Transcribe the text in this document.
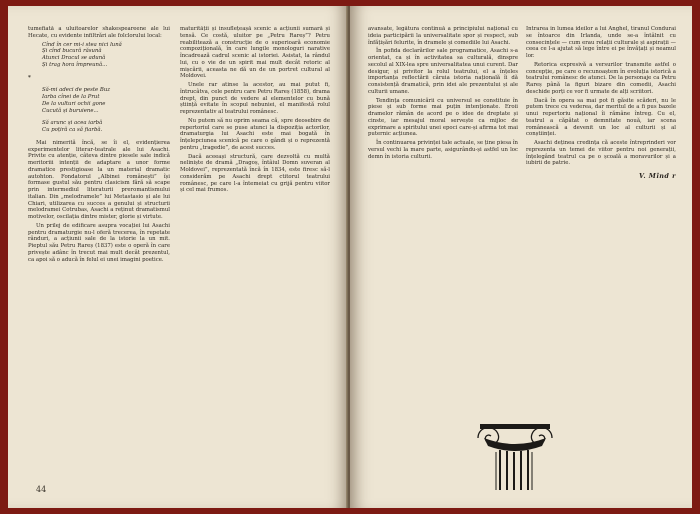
tumefiată a uluitoarelor shakespeareene ale lui Hecate, cu evidente infiltrări ale folclorului local:

Cînd în cer mi-i stea nici lună
Și cînd bucură răsună
Atunci Dracul se adună
Și trag hora împreună...
*
Să-mi adeci de peste Buz
Iarba cînei de la Prut
De la vulturi ochii gone
Cucută și buruiene...
Să arunc și acea iarbă
Cu poțiră ca să fiarbă.

Mai nimerită încă, se îi el, evidențierea experimentelor literar-teatrale ale lui Asachi. Privite cu atenție, câteva dintre piesele sale indică meritoriii intenții de adaptare a unor forme dramatice prestigioase la un material dramatic autohton. Fondatorul „Albinei românești” își formase gustul său pentru clasicism fără să scape prin intermediul literaturii preromantismului italian. Din „melodramele” lui Metastasio și ale lui Chiari, utilizarea cu succes a genului și structurii melodramei Cotrubas, Asachi a reținut dramatismul motivelor, oscilația dintre mister, glorie și virtute.

Un prilej de edificare asupra vocației lui Asachi pentru dramaturgie nu-l oferă trecerea, în repetate rânduri, a acțiunii sale de la istorie la un mit. Pieptul său Petru Rareș (1837) este o operă în care privește adânc în trecut mai mult decât prezentul, ca apoi să o aducă în felul ei unei imagini poetice.

maturității și insuflețeașă scenic a acțiunii sumară și tensă. Ce costă, uluitor pe „Petru Rareș”? Petru reabilitează a construcție de o superioară economie compozițională, în care lungile monologuri narative încadrează cadrul scenic al istoriei. Asistat, la rândul lui, cu o vie de un spirit mai mult decât retoric al mișcării, aceasta ne dă un de un portret cultural al Moldovei.

Unele rar atinse la acestor, au mai putut fi, întrucâtva, cele pentru care Petru Rareș (1858), drama drept, din punct de vedere al elementelor cu bună știință evitate în scopul nebuniei, el manifestă rolul reprezentativ al teatrului românesc.

Nu putem să nu oprim seama că, spre deosebire de repertoriul care se puse atunci la dispoziția actorilor, dramaturgia lui Asachi este mai bogată în înțelepciunea scenică pe care o gândi și o reprezentă pentru „tragedie”, de acest succes.

Dacă aceeași structură, care dezvoltă cu multă neliniște de dramă „Dragoș, întâiul Domn suveran al Moldovei”, reprezentată încă în 1834, este firesc să-l considerăm pe Asachi drept ctitorul teatrului românesc, pe care l-a întemeiat cu grijă pentru viitor și cel mai frumos.

44

avansate, legătura continuă a principiului național cu ideia participării la universalitate spor și respect, sub înfățișări felurite, în dramele și comediile lui Asachi.

În pofida declarărilor sale programatice, Asachi s-a orientat, ca și în activitatea sa culturală, dinspre secolul al XIX-lea spre universalitatea unui curent. Dar desigur, și privitor la rolul teatrului, el a înțeles importanța reflectării căruia istoria națională îi dă consistență dramatică, prin idei ale prezentului și ale culturii umane.

Tendința comunicării cu universul se constituie în piese și sub forme mai puțin intenționate. Eroii dramelor rămân de acord pe o idee de dreptate și cinste, iar mesajul moral servește ca mijloc de exprimare a spiritului unei epoci care-și afirma tot mai puternic acțiunea.

În continuarea privinței tale actuale, se ține piesa în versul vechi la mare parte, asigurându-și astfel un loc demn în istoria culturii.

Intrarea în lumea ideilor a lui Anghel, tiranul Condurai se întoarce din Irlanda, unde se-a întâlnit cu consecințele — cum erau relații culturale și aspirații — ceea ce l-a ajutat să lege între ei pe învățați și neamul lor.

Retorica expresivă a versurilor transmite astfel o concepție, pe care o recunoaștem în evoluția istorică a teatrului românesc de atunci. De la personaje ca Petru Rareș până la figuri bizare din comedii, Asachi deschide porți ce vor fi urmate de alți scriitori.

Dacă în opera sa mai pot fi găsite scăderi, nu le putem trece cu vederea, dar meritul de a fi pus bazele unui repertoriu național îi rămâne întreg. Cu el, teatrul a căpătat o demnitate nouă, iar scena românească a devenit un loc al culturii și al conștiinței.

Asachi deținea credința că aceste întreprinderi vor reprezenta un temei de viitor pentru noi generații, înțelegând teatrul ca pe o școală a moravurilor și a iubirii de patrie.

V. Mînd r
